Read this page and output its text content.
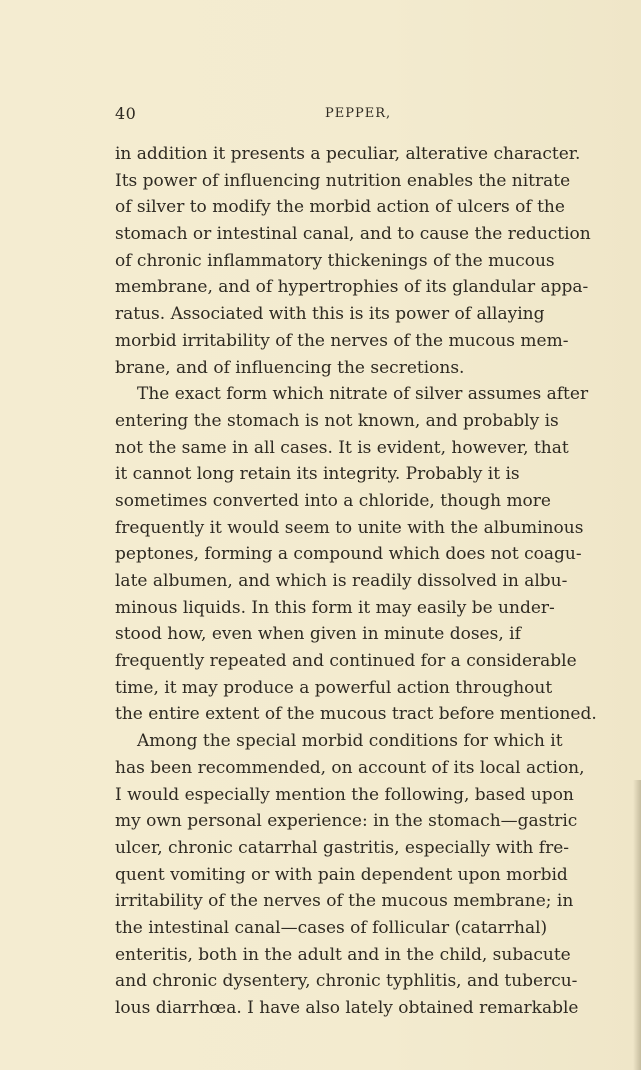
40	PEPPER,
in addition it presents a peculiar, alterative character.
Its power of influencing nutrition enables the nitrate
of silver to modify the morbid action of ulcers of the
stomach or intestinal canal, and to cause the reduction
of chronic inflammatory thickenings of the mucous
membrane, and of hypertrophies of its glandular appa-
ratus. Associated with this is its power of allaying
morbid irritability of the nerves of the mucous mem-
brane, and of influencing the secretions.
The exact form which nitrate of silver assumes after
entering the stomach is not known, and probably is
not the same in all cases. It is evident, however, that
it cannot long retain its integrity. Probably it is
sometimes converted into a chloride, though more
frequently it would seem to unite with the albuminous
peptones, forming a compound which does not coagu-
late albumen, and which is readily dissolved in albu-
minous liquids. In this form it may easily be under-
stood how, even when given in minute doses, if
frequently repeated and continued for a considerable
time, it may produce a powerful action throughout
the entire extent of the mucous tract before mentioned.
Among the special morbid conditions for which it
has been recommended, on account of its local action,
I would especially mention the following, based upon
my own personal experience: in the stomach—gastric
ulcer, chronic catarrhal gastritis, especially with fre-
quent vomiting or with pain dependent upon morbid
irritability of the nerves of the mucous membrane; in
the intestinal canal—cases of follicular (catarrhal)
enteritis, both in the adult and in the child, subacute
and chronic dysentery, chronic typhlitis, and tubercu-
lous diarrhœa. I have also lately obtained remarkable
